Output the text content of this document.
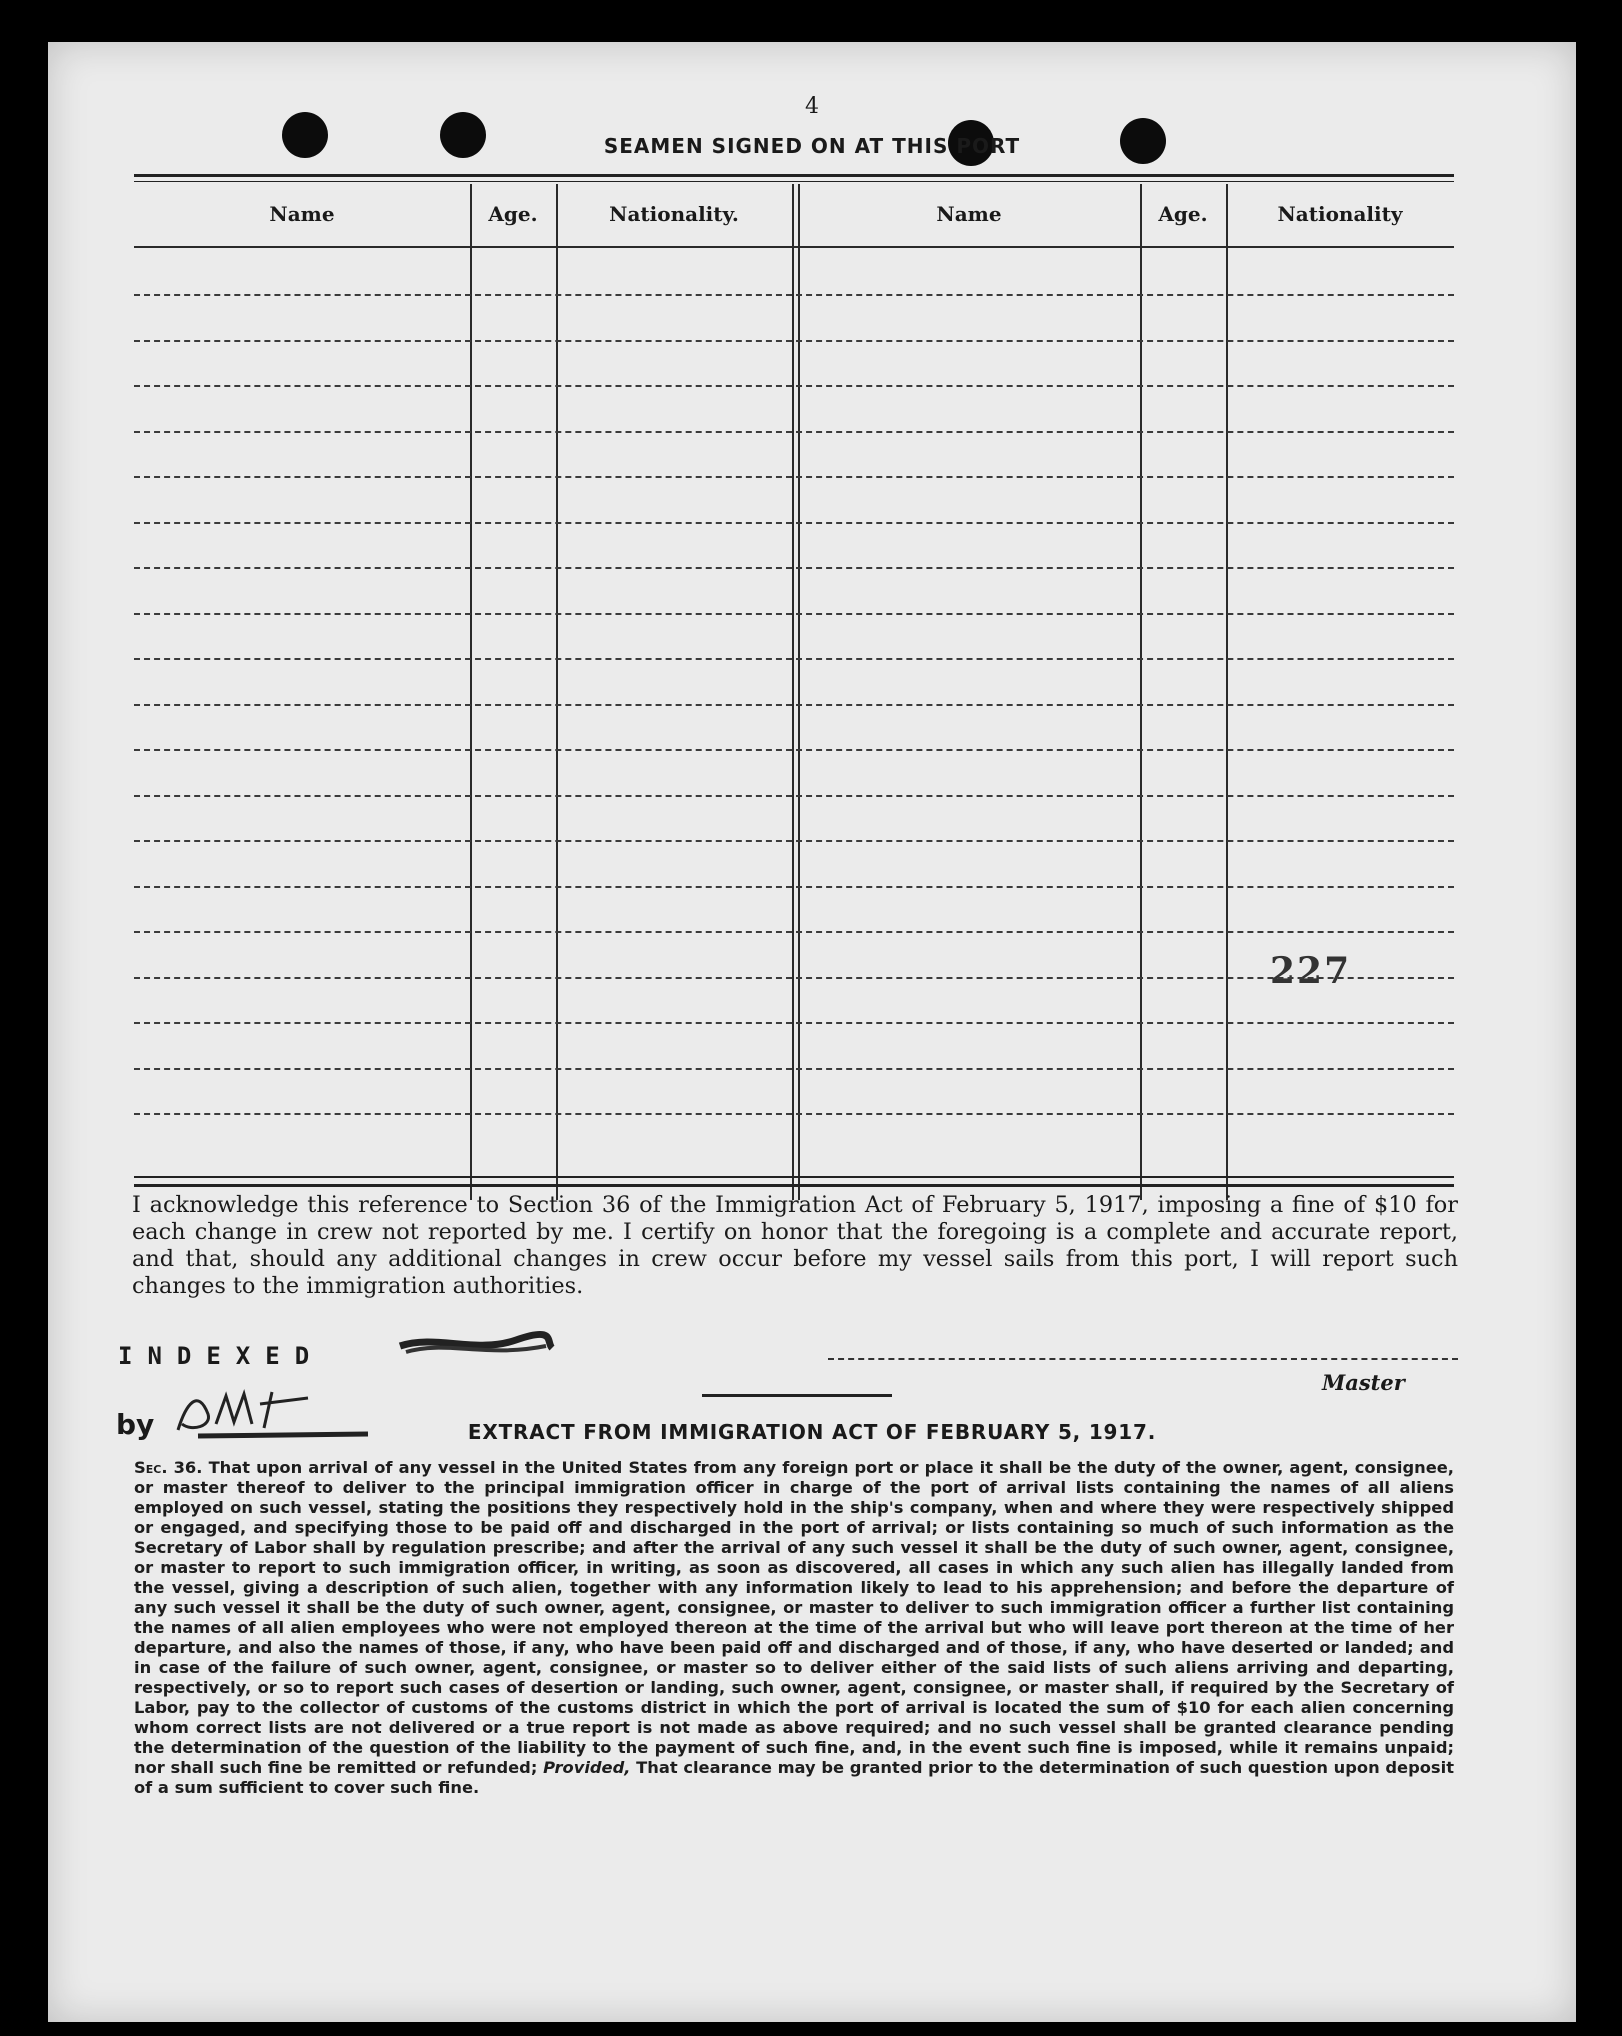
4
SEAMEN SIGNED ON AT THIS PORT
Name	Age.	Nationality.	Name	Age.	Nationality
227
I acknowledge this reference to Section 36 of the Immigration Act of February 5, 1917, imposing a fine of $10 for each change in crew not reported by me. I certify on honor that the foregoing is a complete and accurate report, and that, should any additional changes in crew occur before my vessel sails from this port, I will report such changes to the immigration authorities.
INDEXED
by
Master
EXTRACT FROM IMMIGRATION ACT OF FEBRUARY 5, 1917.
Sec. 36. That upon arrival of any vessel in the United States from any foreign port or place it shall be the duty of the owner, agent, consignee, or master thereof to deliver to the principal immigration officer in charge of the port of arrival lists containing the names of all aliens employed on such vessel, stating the positions they respectively hold in the ship's company, when and where they were respectively shipped or engaged, and specifying those to be paid off and discharged in the port of arrival; or lists containing so much of such information as the Secretary of Labor shall by regulation prescribe; and after the arrival of any such vessel it shall be the duty of such owner, agent, consignee, or master to report to such immigration officer, in writing, as soon as discovered, all cases in which any such alien has illegally landed from the vessel, giving a description of such alien, together with any information likely to lead to his apprehension; and before the departure of any such vessel it shall be the duty of such owner, agent, consignee, or master to deliver to such immigration officer a further list containing the names of all alien employees who were not employed thereon at the time of the arrival but who will leave port thereon at the time of her departure, and also the names of those, if any, who have been paid off and discharged and of those, if any, who have deserted or landed; and in case of the failure of such owner, agent, consignee, or master so to deliver either of the said lists of such aliens arriving and departing, respectively, or so to report such cases of desertion or landing, such owner, agent, consignee, or master shall, if required by the Secretary of Labor, pay to the collector of customs of the customs district in which the port of arrival is located the sum of $10 for each alien concerning whom correct lists are not delivered or a true report is not made as above required; and no such vessel shall be granted clearance pending the determination of the question of the liability to the payment of such fine, and, in the event such fine is imposed, while it remains unpaid; nor shall such fine be remitted or refunded; Provided, That clearance may be granted prior to the determination of such question upon deposit of a sum sufficient to cover such fine.
